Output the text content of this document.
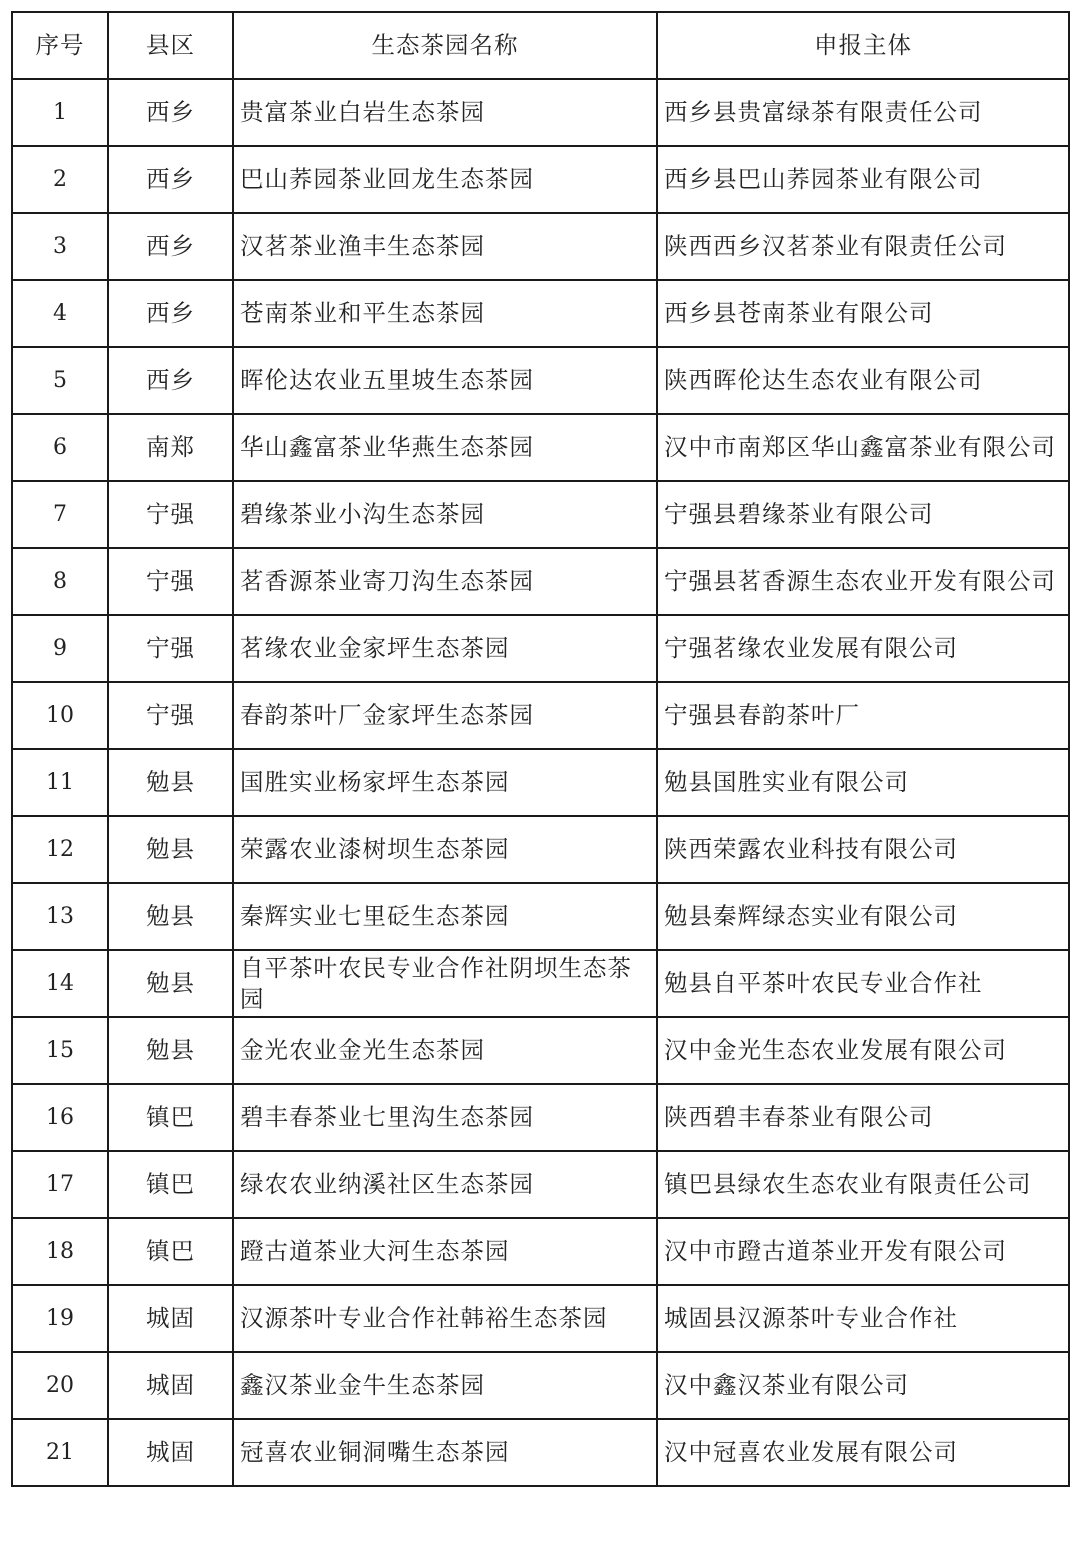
序号	县区	生态茶园名称	申报主体
1	西乡	贵富茶业白岩生态茶园	西乡县贵富绿茶有限责任公司
2	西乡	巴山荞园茶业回龙生态茶园	西乡县巴山荞园茶业有限公司
3	西乡	汉茗茶业渔丰生态茶园	陕西西乡汉茗茶业有限责任公司
4	西乡	苍南茶业和平生态茶园	西乡县苍南茶业有限公司
5	西乡	晖伦达农业五里坡生态茶园	陕西晖伦达生态农业有限公司
6	南郑	华山鑫富茶业华燕生态茶园	汉中市南郑区华山鑫富茶业有限公司
7	宁强	碧缘茶业小沟生态茶园	宁强县碧缘茶业有限公司
8	宁强	茗香源茶业寄刀沟生态茶园	宁强县茗香源生态农业开发有限公司
9	宁强	茗缘农业金家坪生态茶园	宁强茗缘农业发展有限公司
10	宁强	春韵茶叶厂金家坪生态茶园	宁强县春韵茶叶厂
11	勉县	国胜实业杨家坪生态茶园	勉县国胜实业有限公司
12	勉县	荣露农业漆树坝生态茶园	陕西荣露农业科技有限公司
13	勉县	秦辉实业七里砭生态茶园	勉县秦辉绿态实业有限公司
14	勉县	自平茶叶农民专业合作社阴坝生态茶园	勉县自平茶叶农民专业合作社
15	勉县	金光农业金光生态茶园	汉中金光生态农业发展有限公司
16	镇巴	碧丰春茶业七里沟生态茶园	陕西碧丰春茶业有限公司
17	镇巴	绿农农业纳溪社区生态茶园	镇巴县绿农生态农业有限责任公司
18	镇巴	蹬古道茶业大河生态茶园	汉中市蹬古道茶业开发有限公司
19	城固	汉源茶叶专业合作社韩裕生态茶园	城固县汉源茶叶专业合作社
20	城固	鑫汉茶业金牛生态茶园	汉中鑫汉茶业有限公司
21	城固	冠喜农业铜洞嘴生态茶园	汉中冠喜农业发展有限公司
